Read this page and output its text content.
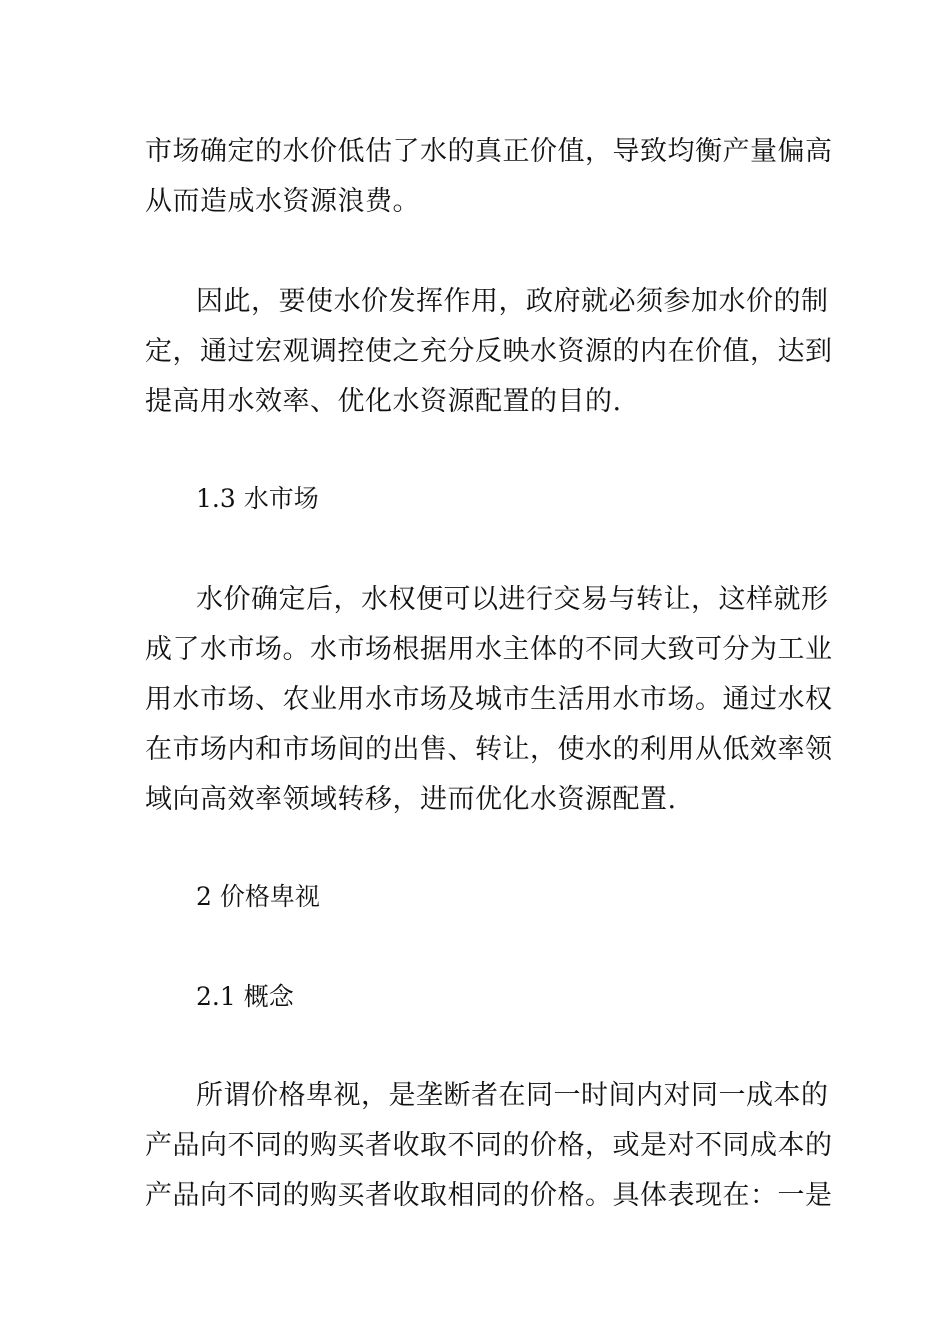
市场确定的水价低估了水的真正价值，导致均衡产量偏高
从而造成水资源浪费。
因此，要使水价发挥作用，政府就必须参加水价的制
定，通过宏观调控使之充分反映水资源的内在价值，达到
提高用水效率、优化水资源配置的目的.
1.3 水市场
水价确定后，水权便可以进行交易与转让，这样就形
成了水市场。水市场根据用水主体的不同大致可分为工业
用水市场、农业用水市场及城市生活用水市场。通过水权
在市场内和市场间的出售、转让，使水的利用从低效率领
域向高效率领域转移，进而优化水资源配置.
2 价格卑视
2.1 概念
所谓价格卑视，是垄断者在同一时间内对同一成本的
产品向不同的购买者收取不同的价格，或是对不同成本的
产品向不同的购买者收取相同的价格。具体表现在：一是
